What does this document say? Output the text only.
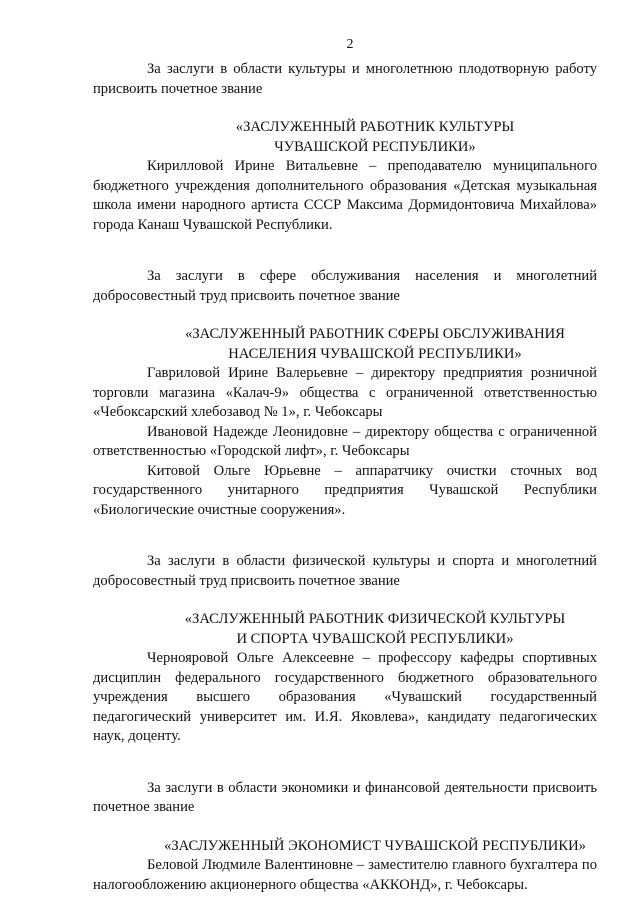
2

За заслуги в области культуры и многолетнюю плодотворную работу присвоить почетное звание

«ЗАСЛУЖЕННЫЙ РАБОТНИК КУЛЬТУРЫ
ЧУВАШСКОЙ РЕСПУБЛИКИ»

Кирилловой Ирине Витальевне – преподавателю муниципального бюджетного учреждения дополнительного образования «Детская музыкальная школа имени народного артиста СССР Максима Дормидонтовича Михайлова» города Канаш Чувашской Республики.

За заслуги в сфере обслуживания населения и многолетний добросовестный труд присвоить почетное звание

«ЗАСЛУЖЕННЫЙ РАБОТНИК СФЕРЫ ОБСЛУЖИВАНИЯ
НАСЕЛЕНИЯ ЧУВАШСКОЙ РЕСПУБЛИКИ»

Гавриловой Ирине Валерьевне – директору предприятия розничной торговли магазина «Калач-9» общества с ограниченной ответственностью «Чебоксарский хлебозавод № 1», г. Чебоксары

Ивановой Надежде Леонидовне – директору общества с ограниченной ответственностью «Городской лифт», г. Чебоксары

Китовой Ольге Юрьевне – аппаратчику очистки сточных вод государственного унитарного предприятия Чувашской Республики «Биологические очистные сооружения».

За заслуги в области физической культуры и спорта и многолетний добросовестный труд присвоить почетное звание

«ЗАСЛУЖЕННЫЙ РАБОТНИК ФИЗИЧЕСКОЙ КУЛЬТУРЫ
И СПОРТА ЧУВАШСКОЙ РЕСПУБЛИКИ»

Чернояровой Ольге Алексеевне – профессору кафедры спортивных дисциплин федерального государственного бюджетного образовательного учреждения высшего образования «Чувашский государственный педагогический университет им. И.Я. Яковлева», кандидату педагогических наук, доценту.

За заслуги в области экономики и финансовой деятельности присвоить почетное звание

«ЗАСЛУЖЕННЫЙ ЭКОНОМИСТ ЧУВАШСКОЙ РЕСПУБЛИКИ»

Беловой Людмиле Валентиновне – заместителю главного бухгалтера по налогообложению акционерного общества «АККОНД», г. Чебоксары.
